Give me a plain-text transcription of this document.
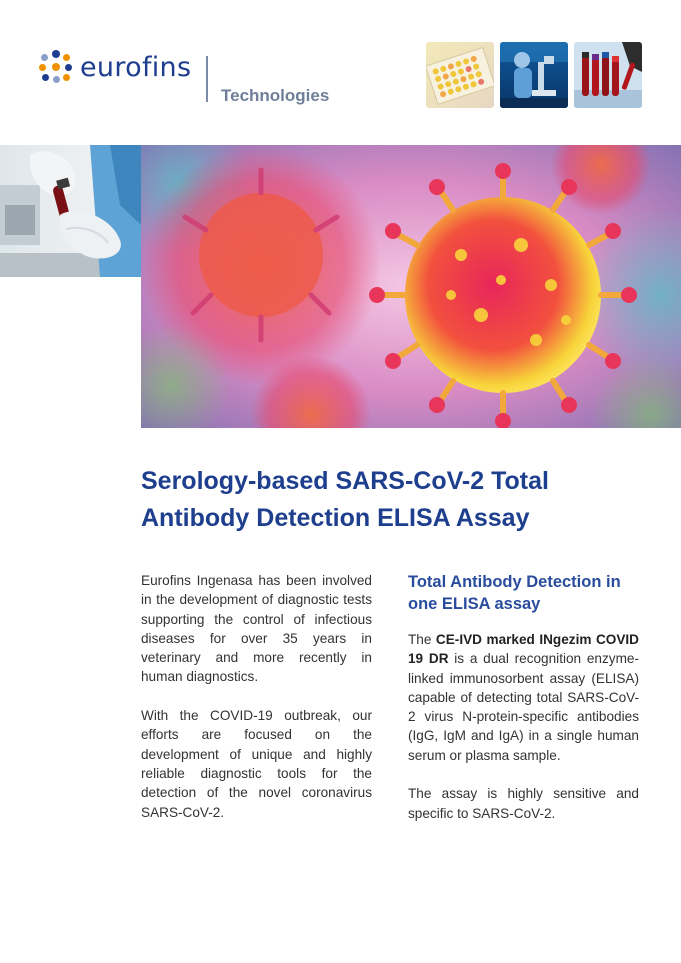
eurofins
Technologies
Serology-based SARS-CoV-2 Total
Antibody Detection ELISA Assay

Eurofins Ingenasa has been involved in the development of diagnostic tests supporting the control of infectious diseases for over 35 years in veterinary and more recently in human diagnostics.

With the COVID-19 outbreak, our efforts are focused on the development of unique and highly reliable diagnostic tools for the detection of the novel coronavirus SARS-CoV-2.

Total Antibody Detection in
one ELISA assay

The CE-IVD marked INgezim COVID 19 DR is a dual recognition enzyme-linked immunosorbent assay (ELISA) capable of detecting total SARS-CoV-2 virus N-protein-specific antibodies (IgG, IgM and IgA) in a single human serum or plasma sample.

The assay is highly sensitive and specific to SARS-CoV-2.
